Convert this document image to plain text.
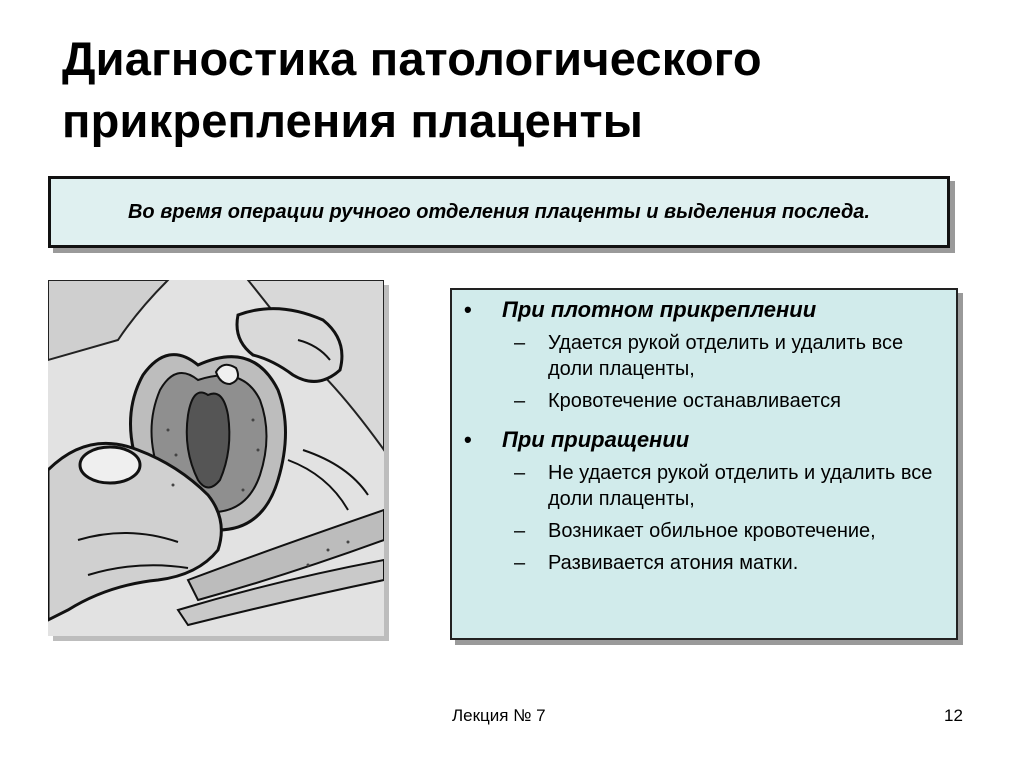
Диагностика патологического
прикрепления плаценты
Во время операции ручного отделения плаценты и выделения последа.
•	При плотном прикреплении
–	Удается рукой отделить и удалить все доли плаценты,
–	Кровотечение останавливается
•	При приращении
–	Не удается рукой отделить и удалить все доли плаценты,
–	Возникает обильное кровотечение,
–	Развивается атония матки.
Лекция № 7	12
